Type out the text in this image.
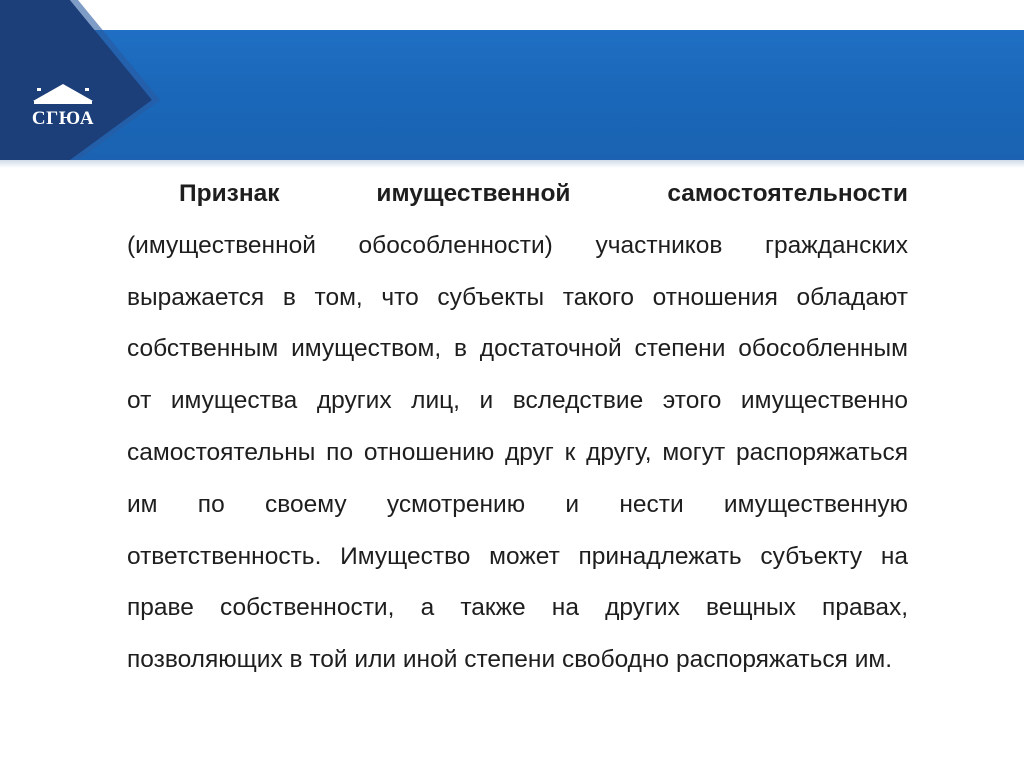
СГЮА

Признак имущественной самостоятельности (имущественной обособленности) участников гражданских выражается в том, что субъекты такого отношения обладают собственным имуществом, в достаточной степени обособленным от имущества других лиц, и вследствие этого имущественно самостоятельны по отношению друг к другу, могут распоряжаться им по своему усмотрению и нести имущественную ответственность. Имущество может принадлежать субъекту на праве собственности, а также на других вещных правах, позволяющих в той или иной степени свободно распоряжаться им.
